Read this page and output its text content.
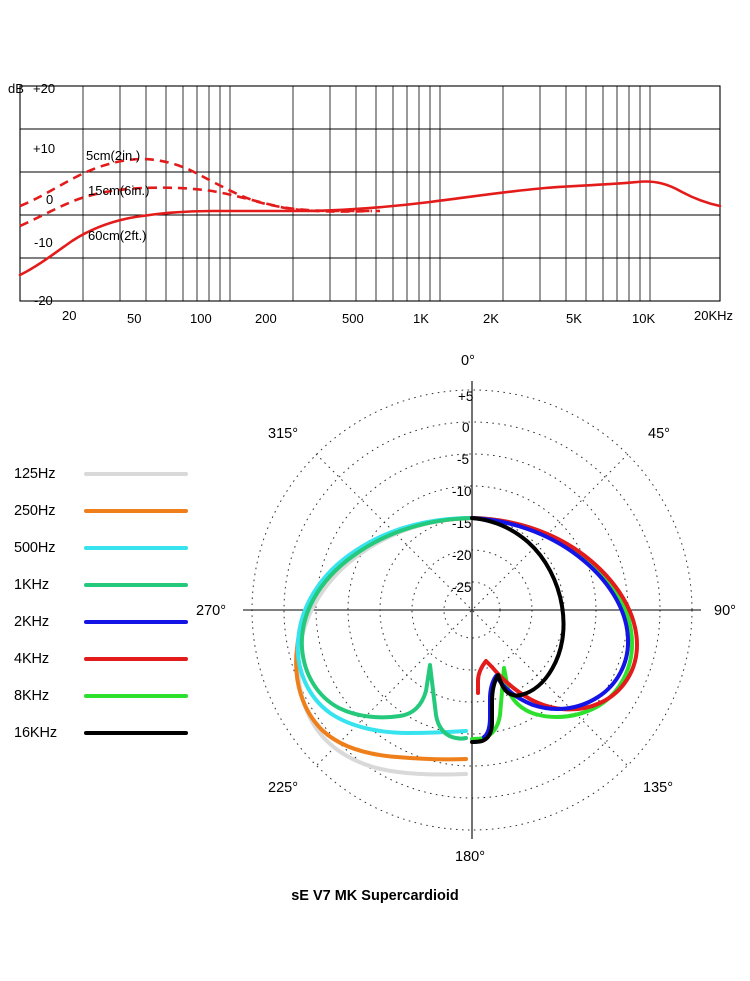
5cm(2in.)
15cm(6in.)
60cm(2ft.)
dB +20
+10
0
-10
-20
20	50	100	200	500	1K	2K	5K	10K	20KHz
0°
45°
90°
135°
180°
225°
270°
315°
+5
0
-5
-10
-15
-20
-25
125Hz
250Hz
500Hz
1KHz
2KHz
4KHz
8KHz
16KHz
sE V7 MK Supercardioid
